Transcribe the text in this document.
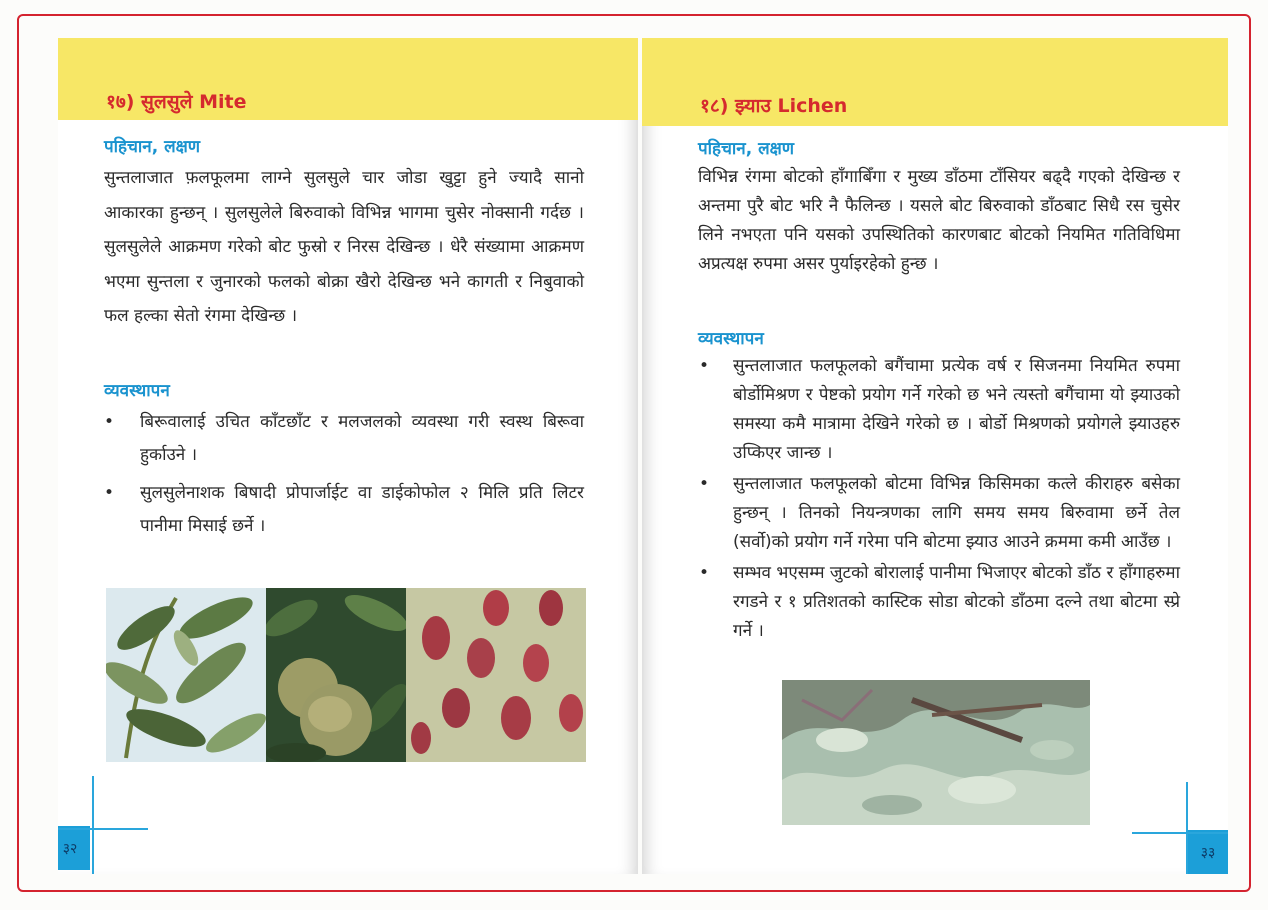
१७) सुलसुले Mite
पहिचान, लक्षण

सुन्तलाजात फ़लफूलमा लाग्ने सुलसुले चार जोडा खुट्टा हुने ज्यादै सानो आकारका हुन्छन् । सुलसुलेले बिरुवाको विभिन्न भागमा चुसेर नोक्सानी गर्दछ । सुलसुलेले आक्रमण गरेको बोट फुस्रो र निरस देखिन्छ । धेरै संख्यामा आक्रमण भएमा सुन्तला र जुनारको फलको बोक्रा खैरो देखिन्छ भने कागती र निबुवाको फल हल्का सेतो रंगमा देखिन्छ ।

व्यवस्थापन
• बिरूवालाई उचित काँटछाँट र मलजलको व्यवस्था गरी स्वस्थ बिरूवा हुर्काउने ।
• सुलसुलेनाशक बिषादी प्रोपार्जाईट वा डाईकोफोल २ मिलि प्रति लिटर पानीमा मिसाई छर्ने ।
३२
१८) झ्याउ Lichen
पहिचान, लक्षण

विभिन्न रंगमा बोटको हाँगाबिँगा र मुख्य डाँठमा टाँसियर बढ्दै गएको देखिन्छ र अन्तमा पुरै बोट भरि नै फैलिन्छ । यसले बोट बिरुवाको डाँठबाट सिधै रस चुसेर लिने नभएता पनि यसको उपस्थितिको कारणबाट बोटको नियमित गतिविधिमा अप्रत्यक्ष रुपमा असर पुर्याइरहेको हुन्छ ।

व्यवस्थापन
• सुन्तलाजात फलफूलको बगैंचामा प्रत्येक वर्ष र सिजनमा नियमित रुपमा बोर्डोमिश्रण र पेष्टको प्रयोग गर्ने गरेको छ भने त्यस्तो बगैंचामा यो झ्याउको समस्या कमै मात्रामा देखिने गरेको छ । बोर्डो मिश्रणको प्रयोगले झ्याउहरु उप्किएर जान्छ ।
• सुन्तलाजात फलफूलको बोटमा विभिन्न किसिमका कत्ले कीराहरु बसेका हुन्छन् । तिनको नियन्त्रणका लागि समय समय बिरुवामा छर्ने तेल (सर्वो)को प्रयोग गर्ने गरेमा पनि बोटमा झ्याउ आउने क्रममा कमी आउँछ ।
• सम्भव भएसम्म जुटको बोरालाई पानीमा भिजाएर बोटको डाँठ र हाँगाहरुमा रगडने र १ प्रतिशतको कास्टिक सोडा बोटको डाँठमा दल्ने तथा बोटमा स्प्रे गर्ने ।
३३
